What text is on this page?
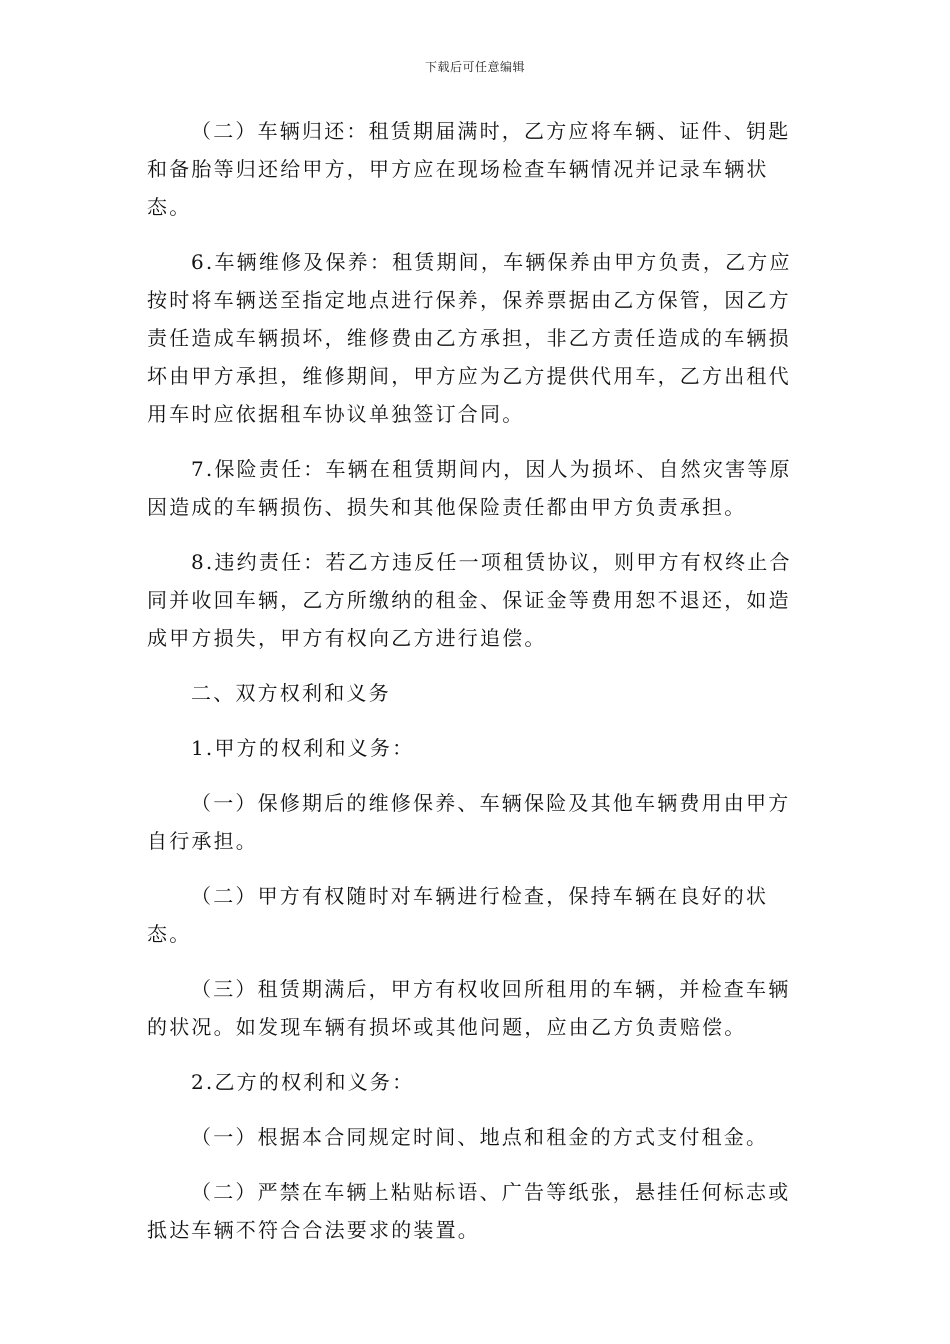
下载后可任意编辑

（二）车辆归还：租赁期届满时，乙方应将车辆、证件、钥匙和备胎等归还给甲方，甲方应在现场检查车辆情况并记录车辆状态。

6.车辆维修及保养：租赁期间，车辆保养由甲方负责，乙方应按时将车辆送至指定地点进行保养，保养票据由乙方保管，因乙方责任造成车辆损坏，维修费由乙方承担，非乙方责任造成的车辆损坏由甲方承担，维修期间，甲方应为乙方提供代用车，乙方出租代用车时应依据租车协议单独签订合同。

7.保险责任：车辆在租赁期间内，因人为损坏、自然灾害等原因造成的车辆损伤、损失和其他保险责任都由甲方负责承担。

8.违约责任：若乙方违反任一项租赁协议，则甲方有权终止合同并收回车辆，乙方所缴纳的租金、保证金等费用恕不退还，如造成甲方损失，甲方有权向乙方进行追偿。

二、双方权利和义务

1.甲方的权利和义务：

（一）保修期后的维修保养、车辆保险及其他车辆费用由甲方自行承担。

（二）甲方有权随时对车辆进行检查，保持车辆在良好的状态。

（三）租赁期满后，甲方有权收回所租用的车辆，并检查车辆的状况。如发现车辆有损坏或其他问题，应由乙方负责赔偿。

2.乙方的权利和义务：

（一）根据本合同规定时间、地点和租金的方式支付租金。

（二）严禁在车辆上粘贴标语、广告等纸张，悬挂任何标志或抵达车辆不符合合法要求的装置。
